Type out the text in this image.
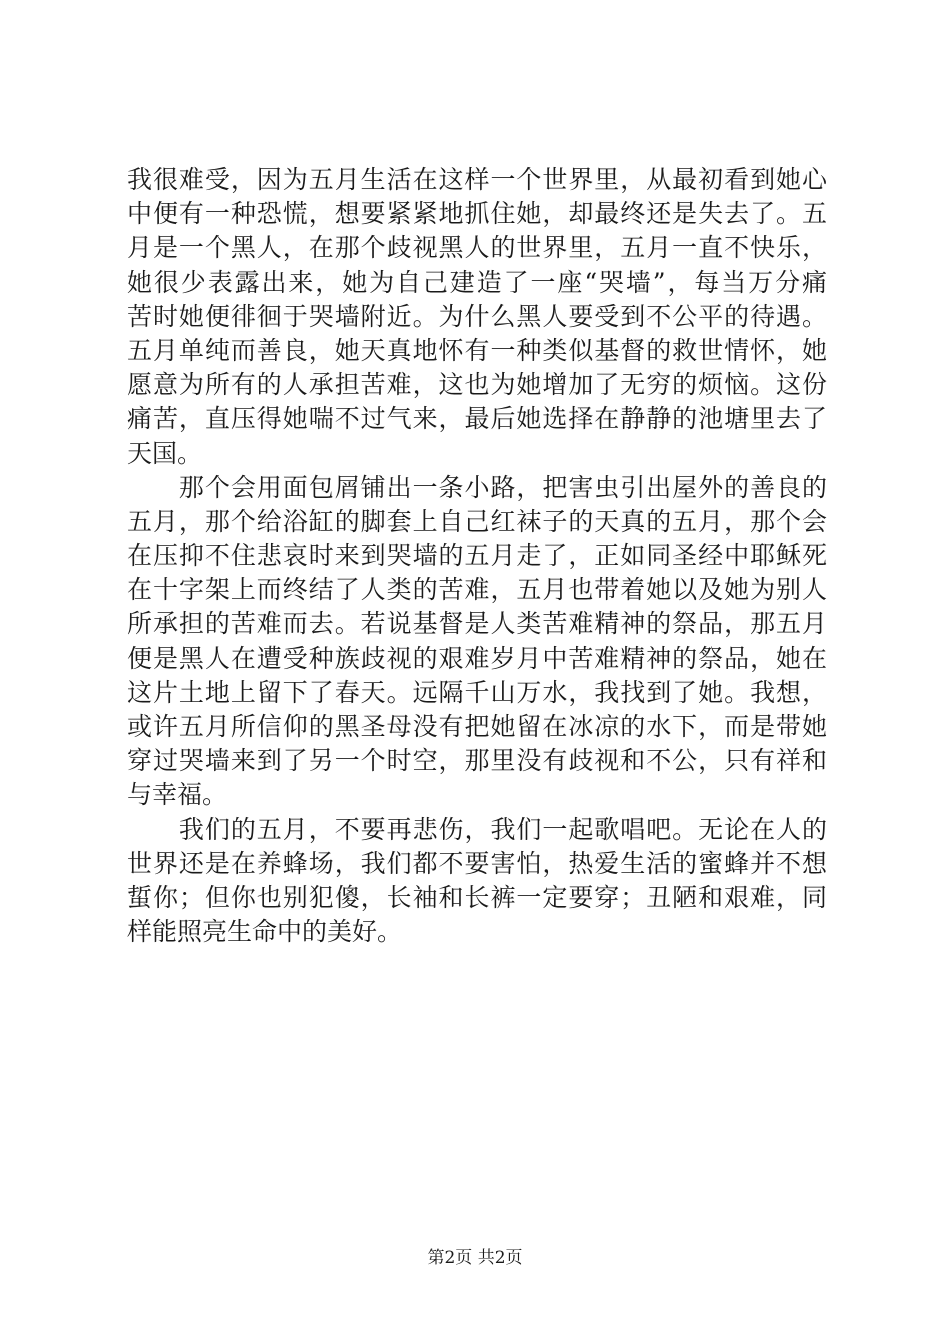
我很难受，因为五月生活在这样一个世界里，从最初看到她心
中便有一种恐慌，想要紧紧地抓住她，却最终还是失去了。五
月是一个黑人，在那个歧视黑人的世界里，五月一直不快乐，
她很少表露出来，她为自己建造了一座“哭墙”，每当万分痛
苦时她便徘徊于哭墙附近。为什么黑人要受到不公平的待遇。
五月单纯而善良，她天真地怀有一种类似基督的救世情怀，她
愿意为所有的人承担苦难，这也为她增加了无穷的烦恼。这份
痛苦，直压得她喘不过气来，最后她选择在静静的池塘里去了
天国。
　　那个会用面包屑铺出一条小路，把害虫引出屋外的善良的
五月，那个给浴缸的脚套上自己红袜子的天真的五月，那个会
在压抑不住悲哀时来到哭墙的五月走了，正如同圣经中耶稣死
在十字架上而终结了人类的苦难，五月也带着她以及她为别人
所承担的苦难而去。若说基督是人类苦难精神的祭品，那五月
便是黑人在遭受种族歧视的艰难岁月中苦难精神的祭品，她在
这片土地上留下了春天。远隔千山万水，我找到了她。我想，
或许五月所信仰的黑圣母没有把她留在冰凉的水下，而是带她
穿过哭墙来到了另一个时空，那里没有歧视和不公，只有祥和
与幸福。
　　我们的五月，不要再悲伤，我们一起歌唱吧。无论在人的
世界还是在养蜂场，我们都不要害怕，热爱生活的蜜蜂并不想
蜇你；但你也别犯傻，长袖和长裤一定要穿；丑陋和艰难，同
样能照亮生命中的美好。
第2页 共2页
